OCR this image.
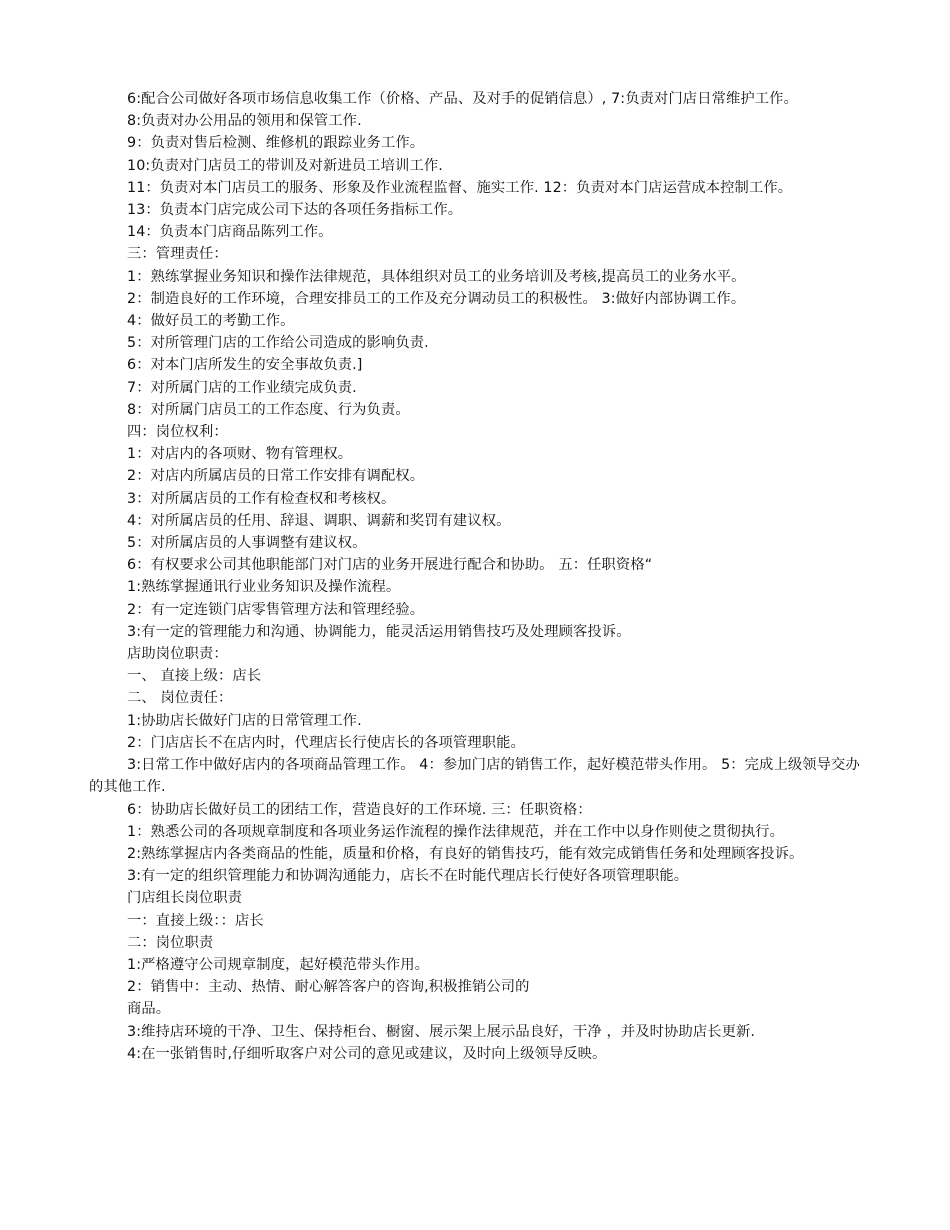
6:配合公司做好各项市场信息收集工作（价格、产品、及对手的促销信息）, 7:负责对门店日常维护工作。

8:负责对办公用品的领用和保管工作.

9：负责对售后检测、维修机的跟踪业务工作。

10:负责对门店员工的带训及对新进员工培训工作.

11：负责对本门店员工的服务、形象及作业流程监督、施实工作. 12：负责对本门店运营成本控制工作。

13：负责本门店完成公司下达的各项任务指标工作。

14：负责本门店商品陈列工作。

三：管理责任：

1：熟练掌握业务知识和操作法律规范，具体组织对员工的业务培训及考核,提高员工的业务水平。

2：制造良好的工作环境，合理安排员工的工作及充分调动员工的积极性。 3:做好内部协调工作。

4：做好员工的考勤工作。

5：对所管理门店的工作给公司造成的影响负责.

6：对本门店所发生的安全事故负责.]

7：对所属门店的工作业绩完成负责.

8：对所属门店员工的工作态度、行为负责。

四：岗位权利：

1：对店内的各项财、物有管理权。

2：对店内所属店员的日常工作安排有调配权。

3：对所属店员的工作有检查权和考核权。

4：对所属店员的任用、辞退、调职、调薪和奖罚有建议权。

5：对所属店员的人事调整有建议权。

6：有权要求公司其他职能部门对门店的业务开展进行配合和协助。 五：任职资格“

1:熟练掌握通讯行业业务知识及操作流程。

2：有一定连锁门店零售管理方法和管理经验。

3:有一定的管理能力和沟通、协调能力，能灵活运用销售技巧及处理顾客投诉。

店助岗位职责：

一、 直接上级：店长

二、 岗位责任：

1:协助店长做好门店的日常管理工作.

2：门店店长不在店内时，代理店长行使店长的各项管理职能。

3:日常工作中做好店内的各项商品管理工作。 4：参加门店的销售工作，起好模范带头作用。 5：完成上级领导交办的其他工作.

6：协助店长做好员工的团结工作，营造良好的工作环境. 三：任职资格：

1：熟悉公司的各项规章制度和各项业务运作流程的操作法律规范，并在工作中以身作则使之贯彻执行。

2:熟练掌握店内各类商品的性能，质量和价格，有良好的销售技巧，能有效完成销售任务和处理顾客投诉。

3:有一定的组织管理能力和协调沟通能力，店长不在时能代理店长行使好各项管理职能。

门店组长岗位职责

一：直接上级：：店长

二：岗位职责

1:严格遵守公司规章制度，起好模范带头作用。

2：销售中：主动、热情、耐心解答客户的咨询,积极推销公司的

商品。

3:维持店环境的干净、卫生、保持柜台、橱窗、展示架上展示品良好，干净 ，并及时协助店长更新.

4:在一张销售时,仔细听取客户对公司的意见或建议，及时向上级领导反映。
